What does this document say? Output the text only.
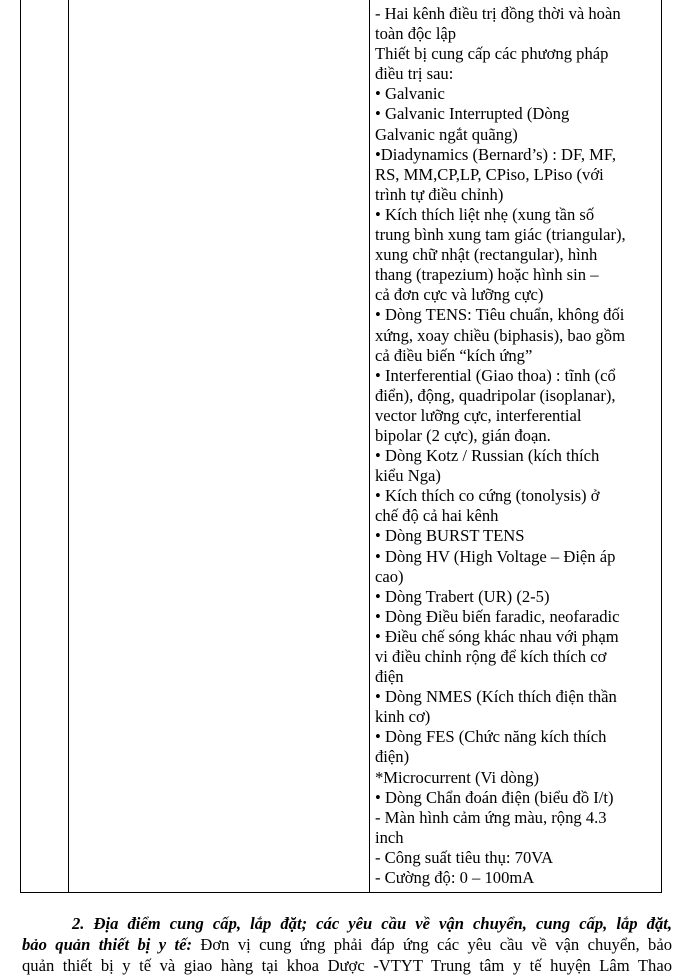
- Hai kênh điều trị đồng thời và hoàn
toàn độc lập
Thiết bị cung cấp các phương pháp
điều trị sau:
• Galvanic
• Galvanic Interrupted (Dòng
Galvanic ngắt quãng)
•Diadynamics (Bernard’s) : DF, MF,
RS, MM,CP,LP, CPiso, LPiso (với
trình tự điều chỉnh)
• Kích thích liệt nhẹ (xung tần số
trung bình xung tam giác (triangular),
xung chữ nhật (rectangular), hình
thang (trapezium) hoặc hình sin –
cả đơn cực và lưỡng cực)
• Dòng TENS: Tiêu chuẩn, không đối
xứng, xoay chiều (biphasis), bao gồm
cả điều biến “kích ứng”
• Interferential (Giao thoa) : tĩnh (cổ
điển), động, quadripolar (isoplanar),
vector lưỡng cực, interferential
bipolar (2 cực), gián đoạn.
• Dòng Kotz / Russian (kích thích
kiểu Nga)
• Kích thích co cứng (tonolysis) ở
chế độ cả hai kênh
• Dòng BURST TENS
• Dòng HV (High Voltage – Điện áp
cao)
• Dòng Trabert (UR) (2-5)
• Dòng Điều biến faradic, neofaradic
• Điều chế sóng khác nhau với phạm
vi điều chỉnh rộng để kích thích cơ
điện
• Dòng NMES (Kích thích điện thần
kinh cơ)
• Dòng FES (Chức năng kích thích
điện)
*Microcurrent (Vi dòng)
• Dòng Chẩn đoán điện (biểu đồ I/t)
- Màn hình cảm ứng màu, rộng 4.3
inch
- Công suất tiêu thụ: 70VA
- Cường độ: 0 – 100mA
2. Địa điểm cung cấp, lắp đặt; các yêu cầu về vận chuyển, cung cấp, lắp đặt,
bảo quản thiết bị y tế: Đơn vị cung ứng phải đáp ứng các yêu cầu về vận chuyển, bảo
quản thiết bị y tế và giao hàng tại khoa Dược -VTYT Trung tâm y tế huyện Lâm Thao
